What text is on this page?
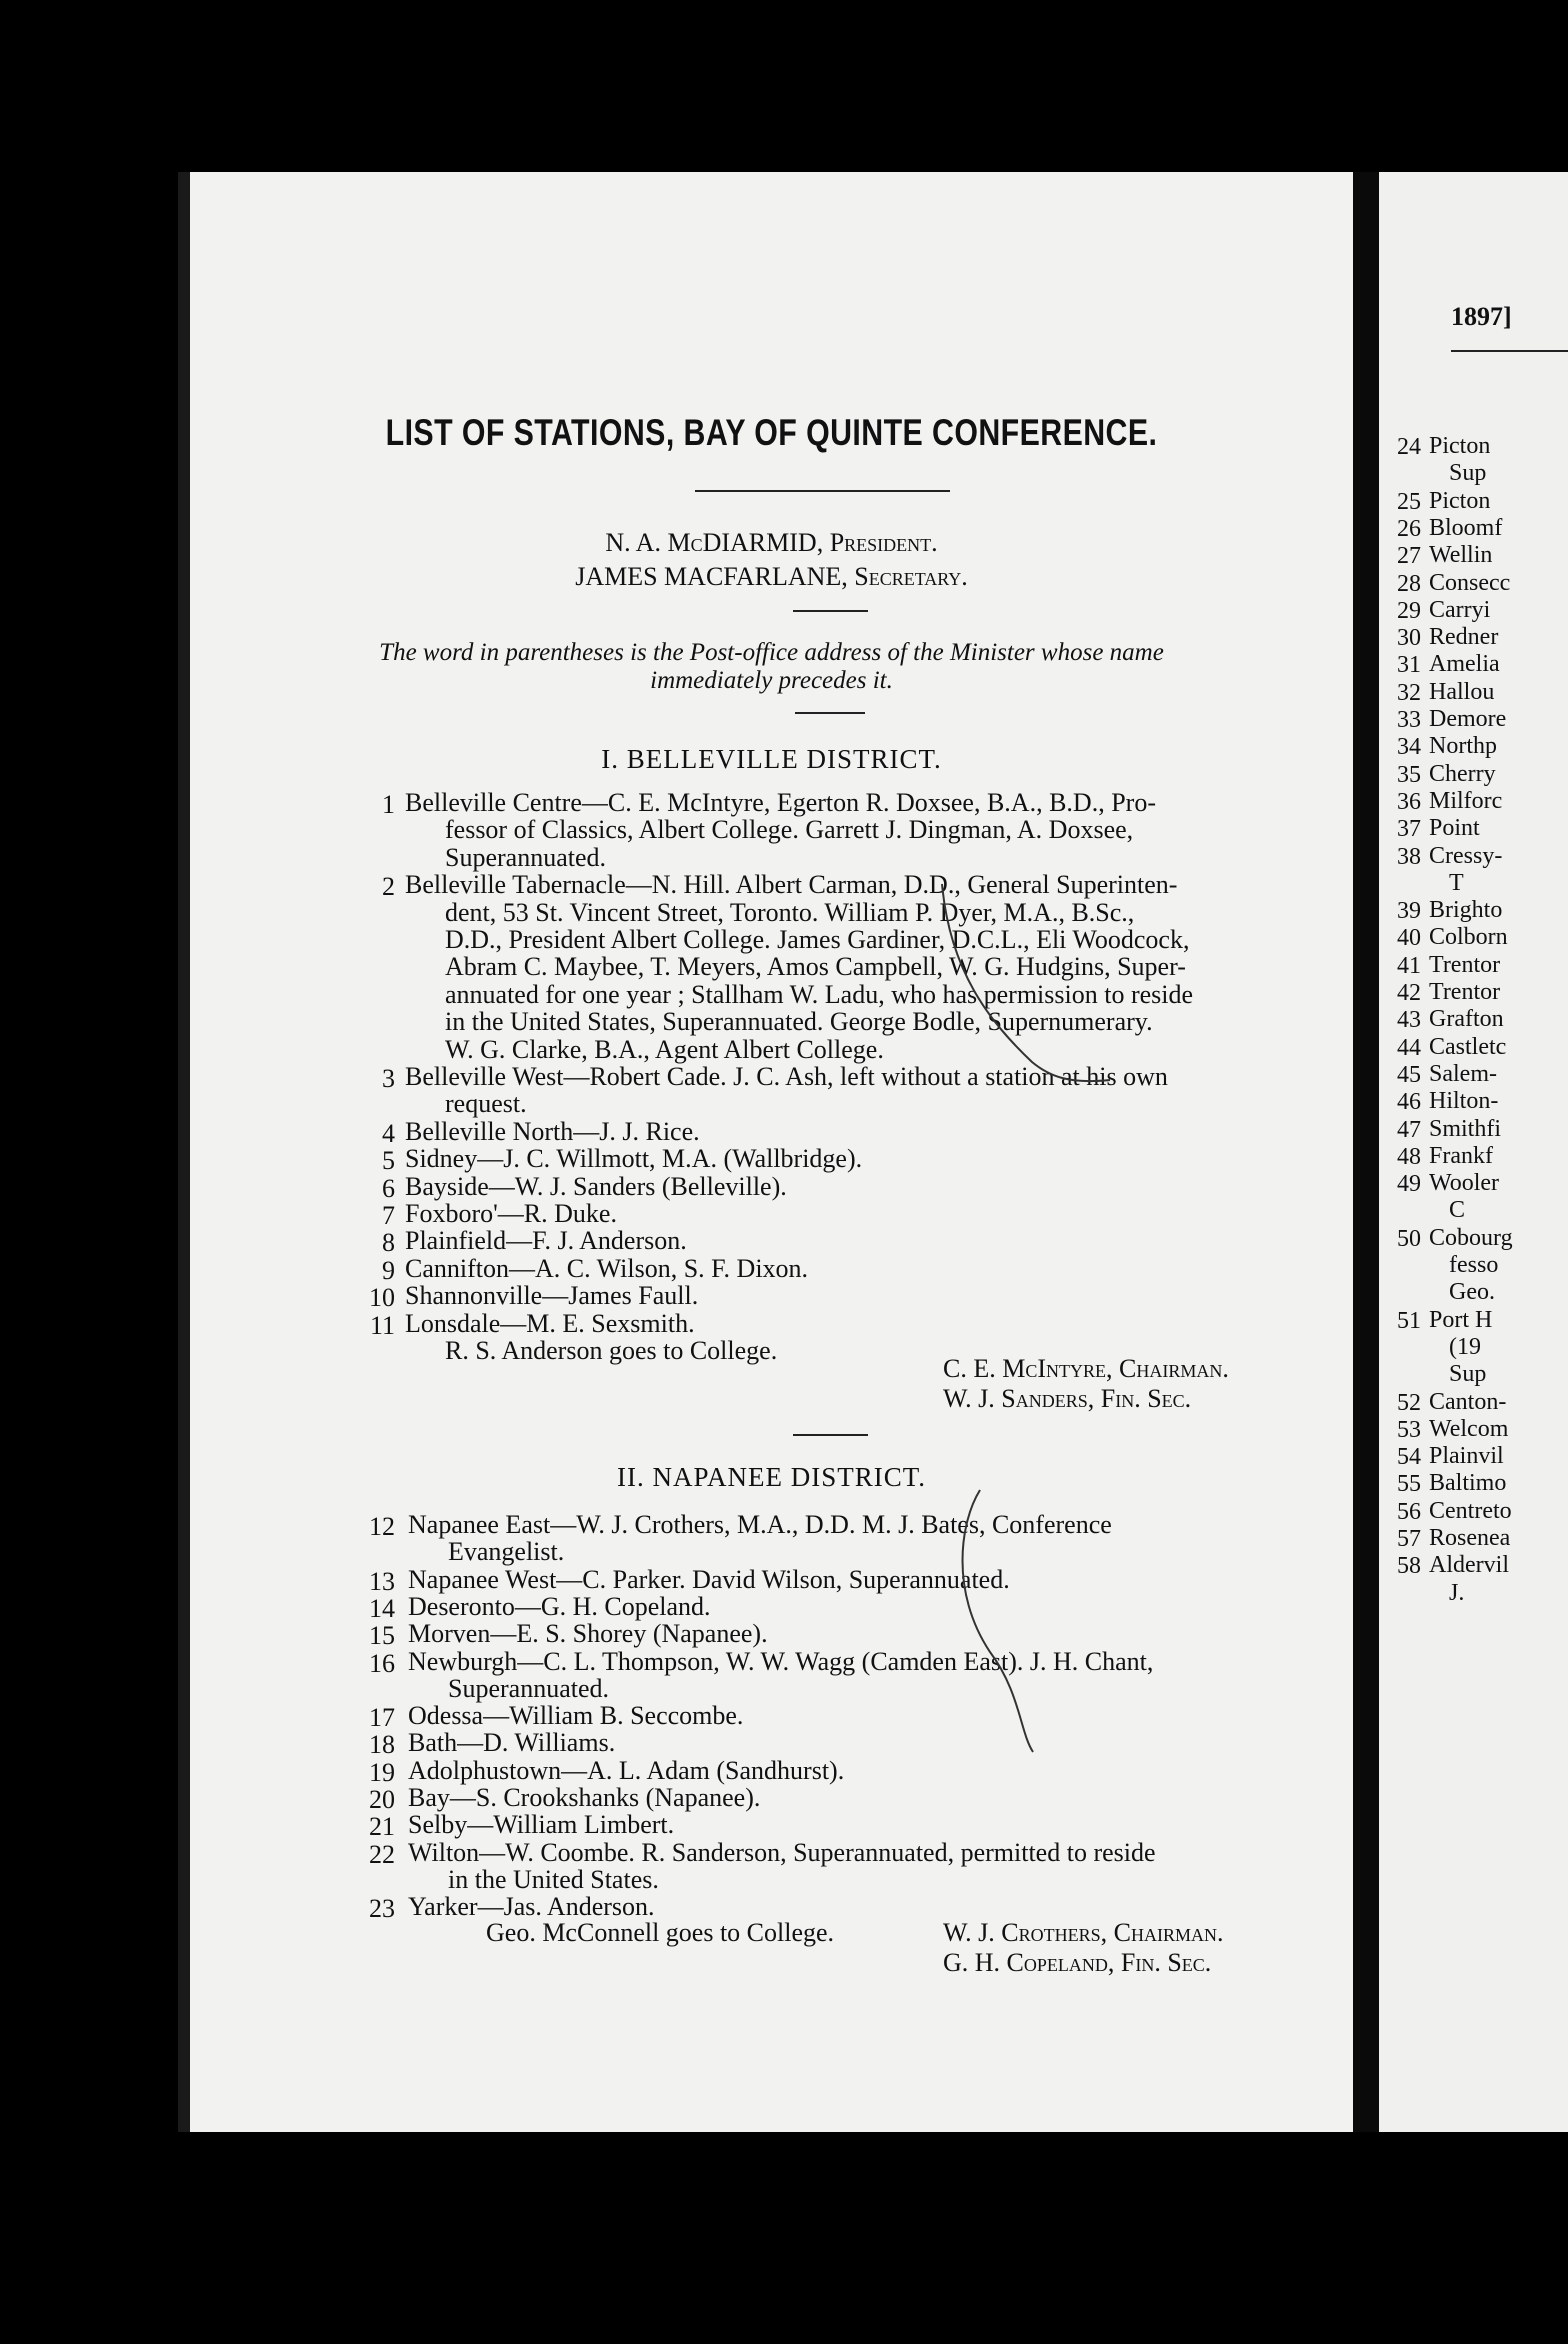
LIST OF STATIONS, BAY OF QUINTE CONFERENCE.
N. A. McDIARMID, President.
JAMES MACFARLANE, Secretary.
The word in parentheses is the Post-office address of the Minister whose name
immediately precedes it.
I. BELLEVILLE DISTRICT.
1 Belleville Centre—C. E. McIntyre, Egerton R. Doxsee, B.A., B.D., Pro-
fessor of Classics, Albert College. Garrett J. Dingman, A. Doxsee,
Superannuated.
2 Belleville Tabernacle—N. Hill. Albert Carman, D.D., General Superinten-
dent, 53 St. Vincent Street, Toronto. William P. Dyer, M.A., B.Sc.,
D.D., President Albert College. James Gardiner, D.C.L., Eli Woodcock,
Abram C. Maybee, T. Meyers, Amos Campbell, W. G. Hudgins, Super-
annuated for one year ; Stallham W. Ladu, who has permission to reside
in the United States, Superannuated. George Bodle, Supernumerary.
W. G. Clarke, B.A., Agent Albert College.
3 Belleville West—Robert Cade. J. C. Ash, left without a station at his own
request.
4 Belleville North—J. J. Rice.
5 Sidney—J. C. Willmott, M.A. (Wallbridge).
6 Bayside—W. J. Sanders (Belleville).
7 Foxboro'—R. Duke.
8 Plainfield—F. J. Anderson.
9 Cannifton—A. C. Wilson, S. F. Dixon.
10 Shannonville—James Faull.
11 Lonsdale—M. E. Sexsmith.
R. S. Anderson goes to College.
C. E. McIntyre, Chairman.
W. J. Sanders, Fin. Sec.
II. NAPANEE DISTRICT.
12 Napanee East—W. J. Crothers, M.A., D.D. M. J. Bates, Conference
Evangelist.
13 Napanee West—C. Parker. David Wilson, Superannuated.
14 Deseronto—G. H. Copeland.
15 Morven—E. S. Shorey (Napanee).
16 Newburgh—C. L. Thompson, W. W. Wagg (Camden East). J. H. Chant,
Superannuated.
17 Odessa—William B. Seccombe.
18 Bath—D. Williams.
19 Adolphustown—A. L. Adam (Sandhurst).
20 Bay—S. Crookshanks (Napanee).
21 Selby—William Limbert.
22 Wilton—W. Coombe. R. Sanderson, Superannuated, permitted to reside
in the United States.
23 Yarker—Jas. Anderson.
Geo. McConnell goes to College.	W. J. Crothers, Chairman.
G. H. Copeland, Fin. Sec.
1897]
24 Picton
Sup
25 Picton
26 Bloomf
27 Wellin
28 Consecc
29 Carryi
30 Redner
31 Amelia
32 Hallou
33 Demore
34 Northp
35 Cherry
36 Milforc
37 Point
38 Cressy-
T
39 Brighto
40 Colborn
41 Trentor
42 Trentor
43 Grafton
44 Castletc
45 Salem-
46 Hilton-
47 Smithfi
48 Frankf
49 Wooler
C
50 Cobourg
fesso
Geo.
51 Port H
(19
Sup
52 Canton-
53 Welcom
54 Plainvil
55 Baltimo
56 Centreto
57 Rosenea
58 Aldervil
J.
